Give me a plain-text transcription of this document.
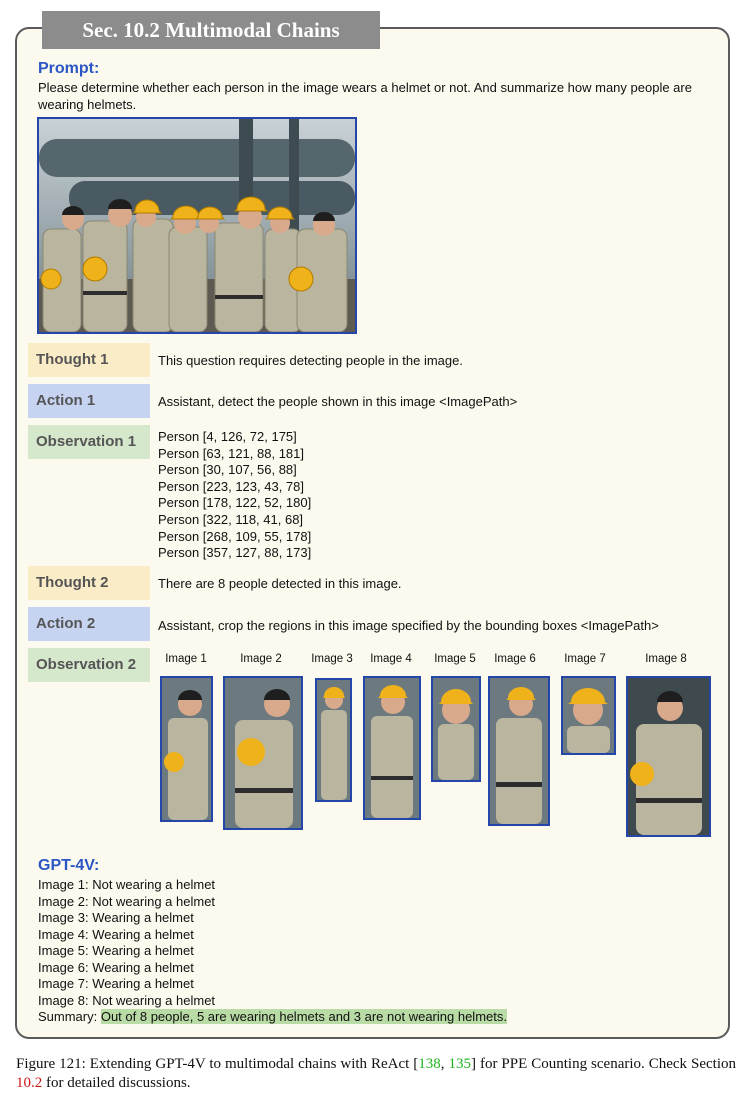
Sec. 10.2 Multimodal Chains
Prompt:
Please determine whether each person in the image wears a helmet or not. And summarize how many people are wearing helmets.
Thought 1	This question requires detecting people in the image.
Action 1	Assistant, detect the people shown in this image <ImagePath>
Observation 1	Person [4, 126, 72, 175]
Person [63, 121, 88, 181]
Person [30, 107, 56, 88]
Person [223, 123, 43, 78]
Person [178, 122, 52, 180]
Person [322, 118, 41, 68]
Person [268, 109, 55, 178]
Person [357, 127, 88, 173]
Thought 2	There are 8 people detected in this image.
Action 2	Assistant, crop the regions in this image specified by the bounding boxes <ImagePath>
Observation 2	Image 1	Image 2	Image 3	Image 4	Image 5	Image 6	Image 7	Image 8
GPT-4V:
Image 1: Not wearing a helmet
Image 2: Not wearing a helmet
Image 3: Wearing a helmet
Image 4: Wearing a helmet
Image 5: Wearing a helmet
Image 6: Wearing a helmet
Image 7: Wearing a helmet
Image 8: Not wearing a helmet
Summary: Out of 8 people, 5 are wearing helmets and 3 are not wearing helmets.
Figure 121: Extending GPT-4V to multimodal chains with ReAct [138, 135] for PPE Counting scenario. Check Section 10.2 for detailed discussions.
